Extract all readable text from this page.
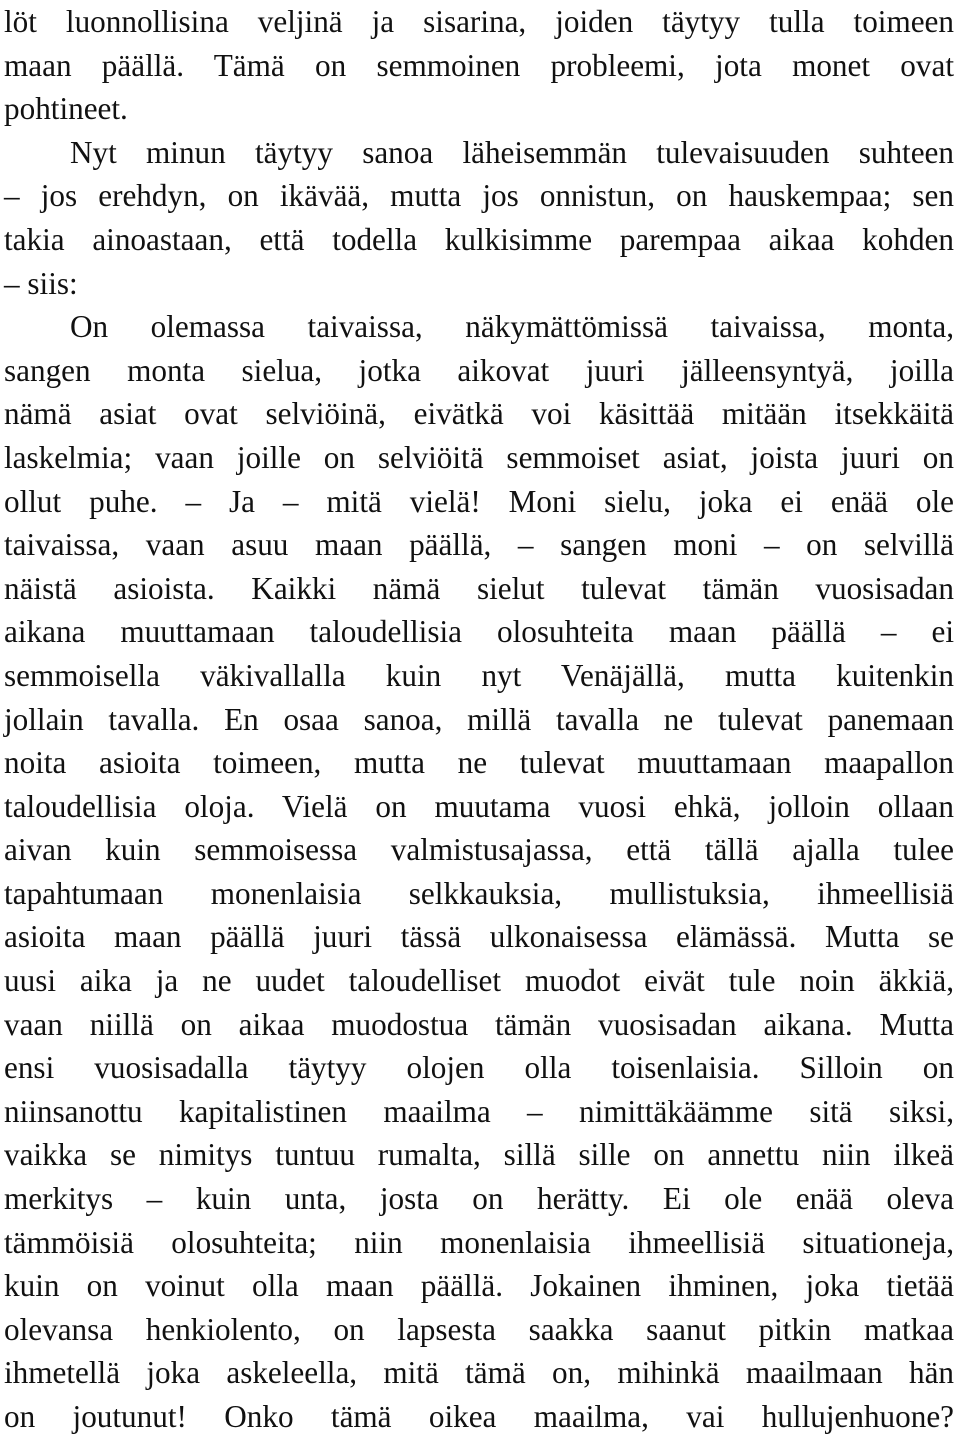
löt luonnollisina veljinä ja sisarina, joiden täytyy tulla toimeen
maan päällä. Tämä on semmoinen probleemi, jota monet ovat
pohtineet.
Nyt minun täytyy sanoa läheisemmän tulevaisuuden suhteen
– jos erehdyn, on ikävää, mutta jos onnistun, on hauskempaa; sen
takia ainoastaan, että todella kulkisimme parempaa aikaa kohden
– siis:
On olemassa taivaissa, näkymättömissä taivaissa, monta,
sangen monta sielua, jotka aikovat juuri jälleensyntyä, joilla
nämä asiat ovat selviöinä, eivätkä voi käsittää mitään itsekkäitä
laskelmia; vaan joille on selviöitä semmoiset asiat, joista juuri on
ollut puhe. – Ja – mitä vielä! Moni sielu, joka ei enää ole
taivaissa, vaan asuu maan päällä, – sangen moni – on selvillä
näistä asioista. Kaikki nämä sielut tulevat tämän vuosisadan
aikana muuttamaan taloudellisia olosuhteita maan päällä – ei
semmoisella väkivallalla kuin nyt Venäjällä, mutta kuitenkin
jollain tavalla. En osaa sanoa, millä tavalla ne tulevat panemaan
noita asioita toimeen, mutta ne tulevat muuttamaan maapallon
taloudellisia oloja. Vielä on muutama vuosi ehkä, jolloin ollaan
aivan kuin semmoisessa valmistusajassa, että tällä ajalla tulee
tapahtumaan monenlaisia selkkauksia, mullistuksia, ihmeellisiä
asioita maan päällä juuri tässä ulkonaisessa elämässä. Mutta se
uusi aika ja ne uudet taloudelliset muodot eivät tule noin äkkiä,
vaan niillä on aikaa muodostua tämän vuosisadan aikana. Mutta
ensi vuosisadalla täytyy olojen olla toisenlaisia. Silloin on
niinsanottu kapitalistinen maailma – nimittäkäämme sitä siksi,
vaikka se nimitys tuntuu rumalta, sillä sille on annettu niin ilkeä
merkitys – kuin unta, josta on herätty. Ei ole enää oleva
tämmöisiä olosuhteita; niin monenlaisia ihmeellisiä situationeja,
kuin on voinut olla maan päällä. Jokainen ihminen, joka tietää
olevansa henkiolento, on lapsesta saakka saanut pitkin matkaa
ihmetellä joka askeleella, mitä tämä on, mihinkä maailmaan hän
on joutunut! Onko tämä oikea maailma, vai hullujenhuone?
